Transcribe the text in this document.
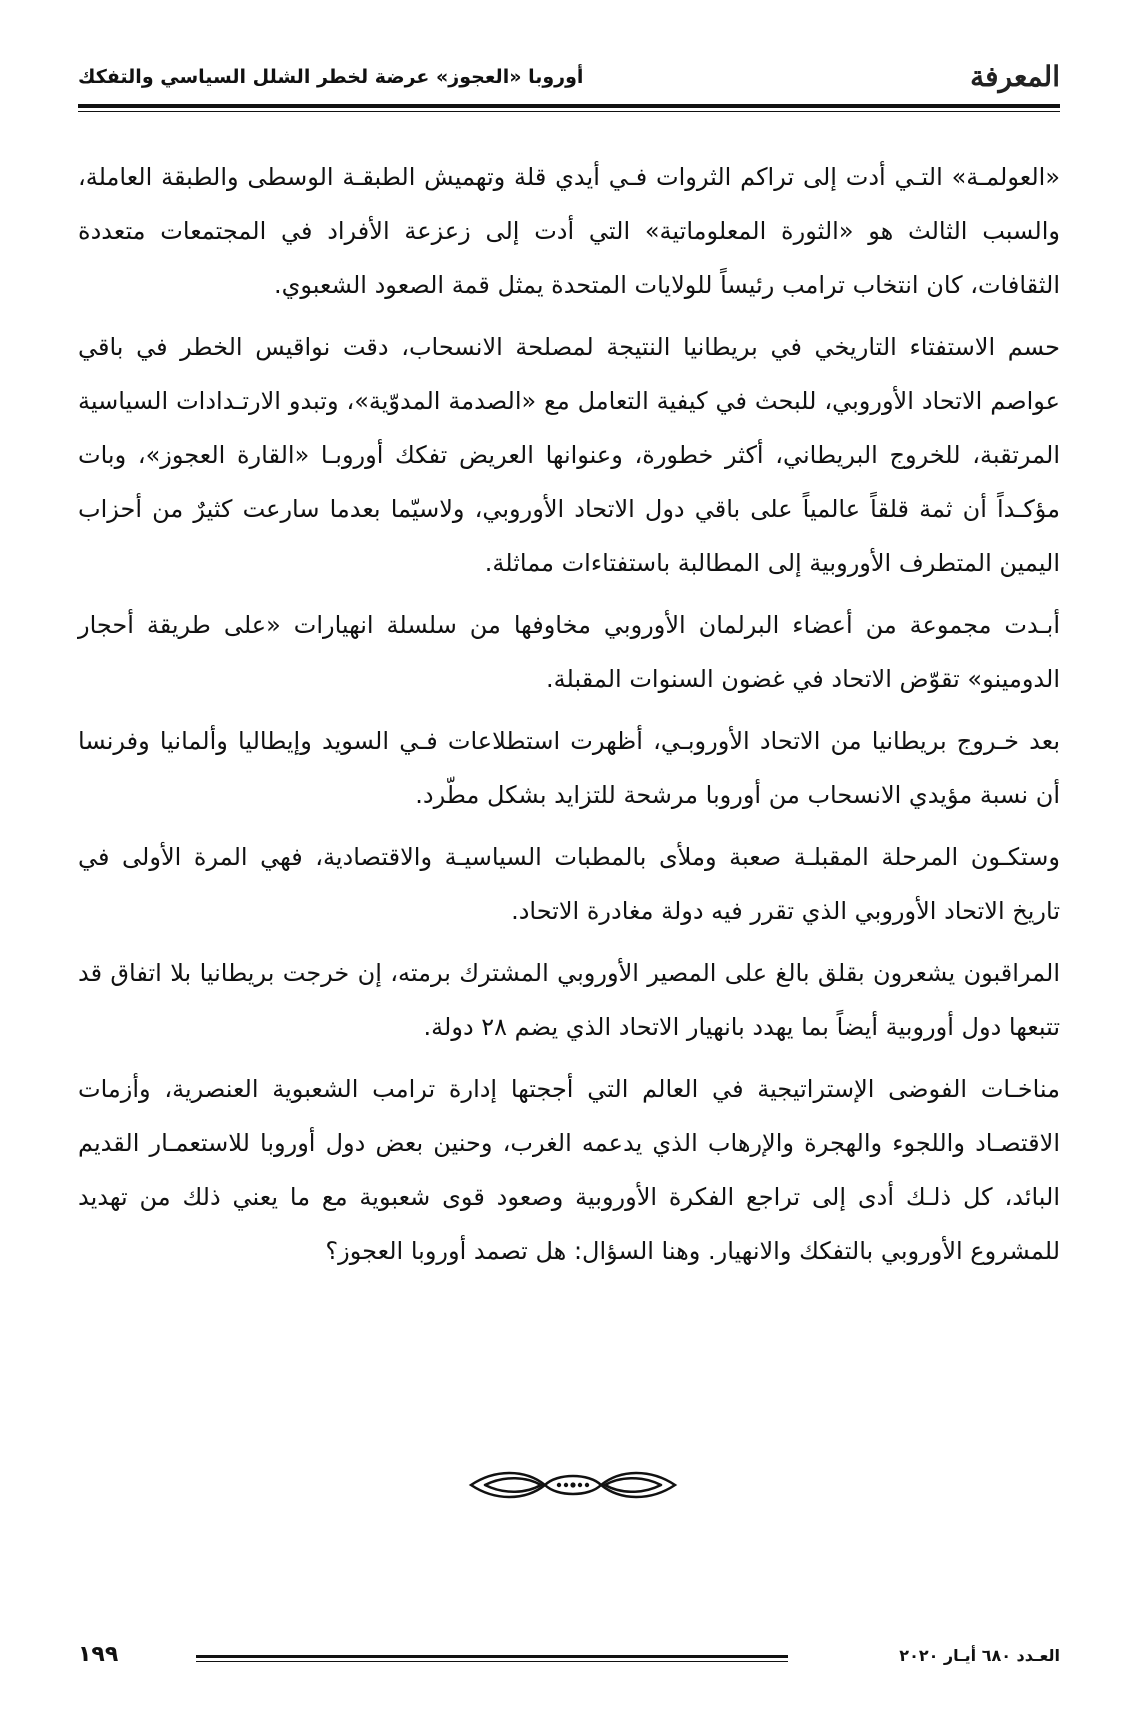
المعرفة
أوروبا «العجوز» عرضة لخطر الشلل السياسي والتفكك

«العولمـة» التـي أدت إلى تراكم الثروات فـي أيدي قلة وتهميش الطبقـة الوسطى والطبقة العاملة، والسبب الثالث هو «الثورة المعلوماتية» التي أدت إلى زعزعة الأفراد في المجتمعات متعددة الثقافات، كان انتخاب ترامب رئيساً للولايات المتحدة يمثل قمة الصعود الشعبوي.

حسم الاستفتاء التاريخي في بريطانيا النتيجة لمصلحة الانسحاب، دقت نواقيس الخطر في باقي عواصم الاتحاد الأوروبي، للبحث في كيفية التعامل مع «الصدمة المدوّية»، وتبدو الارتـدادات السياسية المرتقبة، للخروج البريطاني، أكثر خطورة، وعنوانها العريض تفكك أوروبـا «القارة العجوز»، وبات مؤكـداً أن ثمة قلقاً عالمياً على باقي دول الاتحاد الأوروبي، ولاسيّما بعدما سارعت كثيرٌ من أحزاب اليمين المتطرف الأوروبية إلى المطالبة باستفتاءات مماثلة.

أبـدت مجموعة من أعضاء البرلمان الأوروبي مخاوفها من سلسلة انهيارات «على طريقة أحجار الدومينو» تقوّض الاتحاد في غضون السنوات المقبلة.

بعد خـروج بريطانيا من الاتحاد الأوروبـي، أظهرت استطلاعات فـي السويد وإيطاليا وألمانيا وفرنسا أن نسبة مؤيدي الانسحاب من أوروبا مرشحة للتزايد بشكل مطّرد.

وستكـون المرحلة المقبلـة صعبة وملأى بالمطبات السياسيـة والاقتصادية، فهي المرة الأولى في تاريخ الاتحاد الأوروبي الذي تقرر فيه دولة مغادرة الاتحاد.

المراقبون يشعرون بقلق بالغ على المصير الأوروبي المشترك برمته، إن خرجت بريطانيا بلا اتفاق قد تتبعها دول أوروبية أيضاً بما يهدد بانهيار الاتحاد الذي يضم ٢٨ دولة.

مناخـات الفوضى الإستراتيجية في العالم التي أججتها إدارة ترامب الشعبوية العنصرية، وأزمات الاقتصـاد واللجوء والهجرة والإرهاب الذي يدعمه الغرب، وحنين بعض دول أوروبا للاستعمـار القديم البائد، كل ذلـك أدى إلى تراجع الفكرة الأوروبية وصعود قوى شعبوية مع ما يعني ذلك من تهديد للمشروع الأوروبي بالتفكك والانهيار. وهنا السؤال: هل تصمد أوروبا العجوز؟

١٩٩	العـدد ٦٨٠ أيـار ٢٠٢٠
